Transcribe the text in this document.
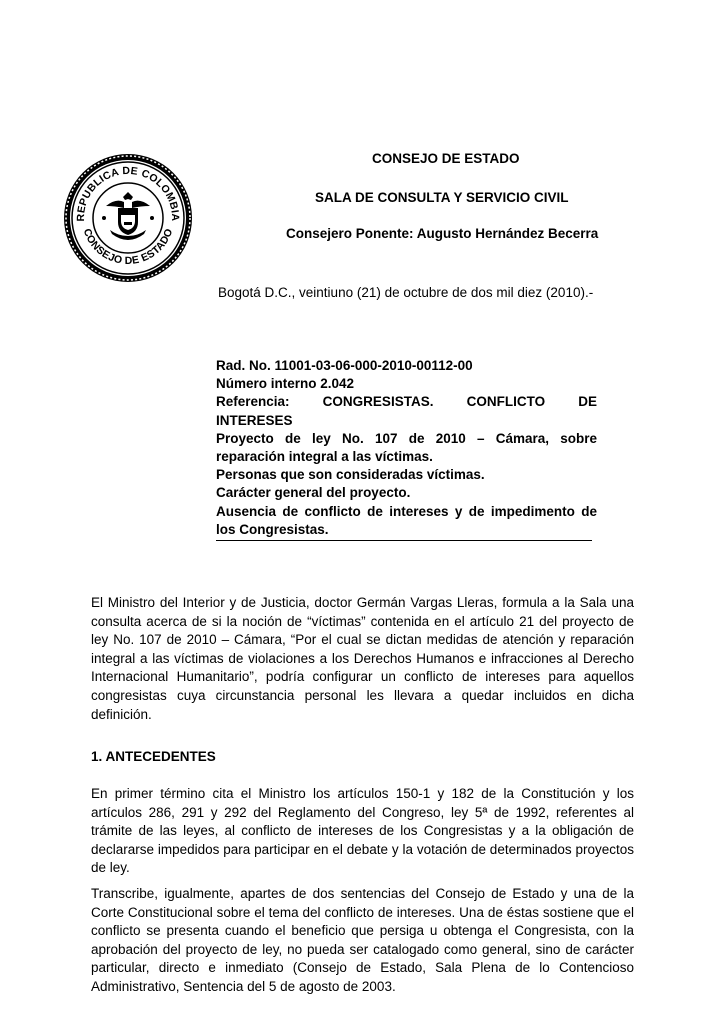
REPUBLICA DE COLOMBIA
CONSEJO DE ESTADO
CONSEJO DE ESTADO
SALA DE CONSULTA Y SERVICIO CIVIL
Consejero Ponente: Augusto Hernández Becerra
Bogotá D.C., veintiuno (21) de octubre de dos mil diez (2010).-

Rad. No. 11001-03-06-000-2010-00112-00

Número interno 2.042

Referencia: CONGRESISTAS. CONFLICTO DE INTERESES

Proyecto de ley No. 107 de 2010 – Cámara, sobre reparación integral a las víctimas.

Personas que son consideradas víctimas.

Carácter general del proyecto.

Ausencia de conflicto de intereses y de impedimento de los Congresistas.

El Ministro del Interior y de Justicia, doctor Germán Vargas Lleras, formula a la Sala una consulta acerca de si la noción de “víctimas” contenida en el artículo 21 del proyecto de ley No. 107 de 2010 – Cámara, “Por el cual se dictan medidas de atención y reparación integral a las víctimas de violaciones a los Derechos Humanos e infracciones al Derecho Internacional Humanitario”, podría configurar un conflicto de intereses para aquellos congresistas cuya circunstancia personal les llevara a quedar incluidos en dicha definición.

1. ANTECEDENTES

En primer término cita el Ministro los artículos 150-1 y 182 de la Constitución y los artículos 286, 291 y 292 del Reglamento del Congreso, ley 5ª de 1992, referentes al trámite de las leyes, al conflicto de intereses de los Congresistas y a la obligación de declararse impedidos para participar en el debate y la votación de determinados proyectos de ley.

Transcribe, igualmente, apartes de dos sentencias del Consejo de Estado y una de la Corte Constitucional sobre el tema del conflicto de intereses. Una de éstas sostiene que el conflicto se presenta cuando el beneficio que persiga u obtenga el Congresista, con la aprobación del proyecto de ley, no pueda ser catalogado como general, sino de carácter particular, directo e inmediato (Consejo de Estado, Sala Plena de lo Contencioso Administrativo, Sentencia del 5 de agosto de 2003.
